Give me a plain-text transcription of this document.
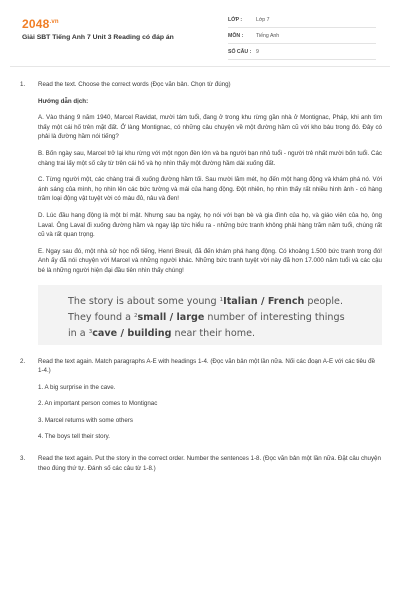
$2048^{.vn}$
Giải SBT Tiếng Anh 7 Unit 3 Reading có đáp án
LỚP :	Lớp 7
MÔN :	Tiếng Anh
SỐ CÂU : 9
1. Read the text. Choose the correct words (Đọc văn bản. Chọn từ đúng)
Hướng dẫn dịch:
A. Vào tháng 9 năm 1940, Marcel Ravidat, mười tám tuổi, đang ở trong khu rừng gần nhà ở Montignac, Pháp, khi anh tìm thấy một cái hố trên mặt đất. Ở làng Montignac, có những câu chuyện về một đường hầm cũ với kho báu trong đó. Đây có phải là đường hầm nói tiếng?
B. Bốn ngày sau, Marcel trở lại khu rừng với một ngọn đèn lớn và ba người bạn nhỏ tuổi - người trẻ nhất mười bốn tuổi. Các chàng trai lấy một số cây từ trên cái hố và họ nhìn thấy một đường hầm dài xuống đất.
C. Từng người một, các chàng trai đi xuống đường hầm tối. Sau mười lăm mét, họ đến một hang động và khám phá nó. Với ánh sáng của mình, họ nhìn lên các bức tường và mái của hang động. Đột nhiên, họ nhìn thấy rất nhiều hình ảnh - có hàng trăm loại động vật tuyệt vời có màu đỏ, nâu và đen!
D. Lúc đầu hang động là một bí mật. Nhưng sau ba ngày, họ nói với bạn bè và gia đình của họ, và giáo viên của họ, ông Laval. Ông Laval đi xuống đường hầm và ngay lập tức hiểu ra - những bức tranh không phải hàng trăm năm tuổi, chúng rất cũ và rất quan trọng.
E. Ngay sau đó, một nhà sử học nổi tiếng, Henri Breuil, đã đến khám phá hang động. Có khoảng 1.500 bức tranh trong đó! Anh ấy đã nói chuyện với Marcel và những người khác. Những bức tranh tuyệt vời này đã hơn 17.000 năm tuổi và các cậu bé là những người hiện đại đầu tiên nhìn thấy chúng!
The story is about some young $^1$Italian / French people.
They found a $^2$small / large number of interesting things
in a $^3$cave / building near their home.
2. Read the text again. Match paragraphs A-E with headings 1-4. (Đọc văn bản một lần nữa. Nối các đoạn A-E với các tiêu đề 1-4.)
1. A big surprise in the cave.
2. An important person comes to Montignac
3. Marcel returns with some others
4. The boys tell their story.
3. Read the text again. Put the story in the correct order. Number the sentences 1-8. (Đọc văn bản một lần nữa. Đặt câu chuyện theo đúng thứ tự. Đánh số các câu từ 1-8.)
